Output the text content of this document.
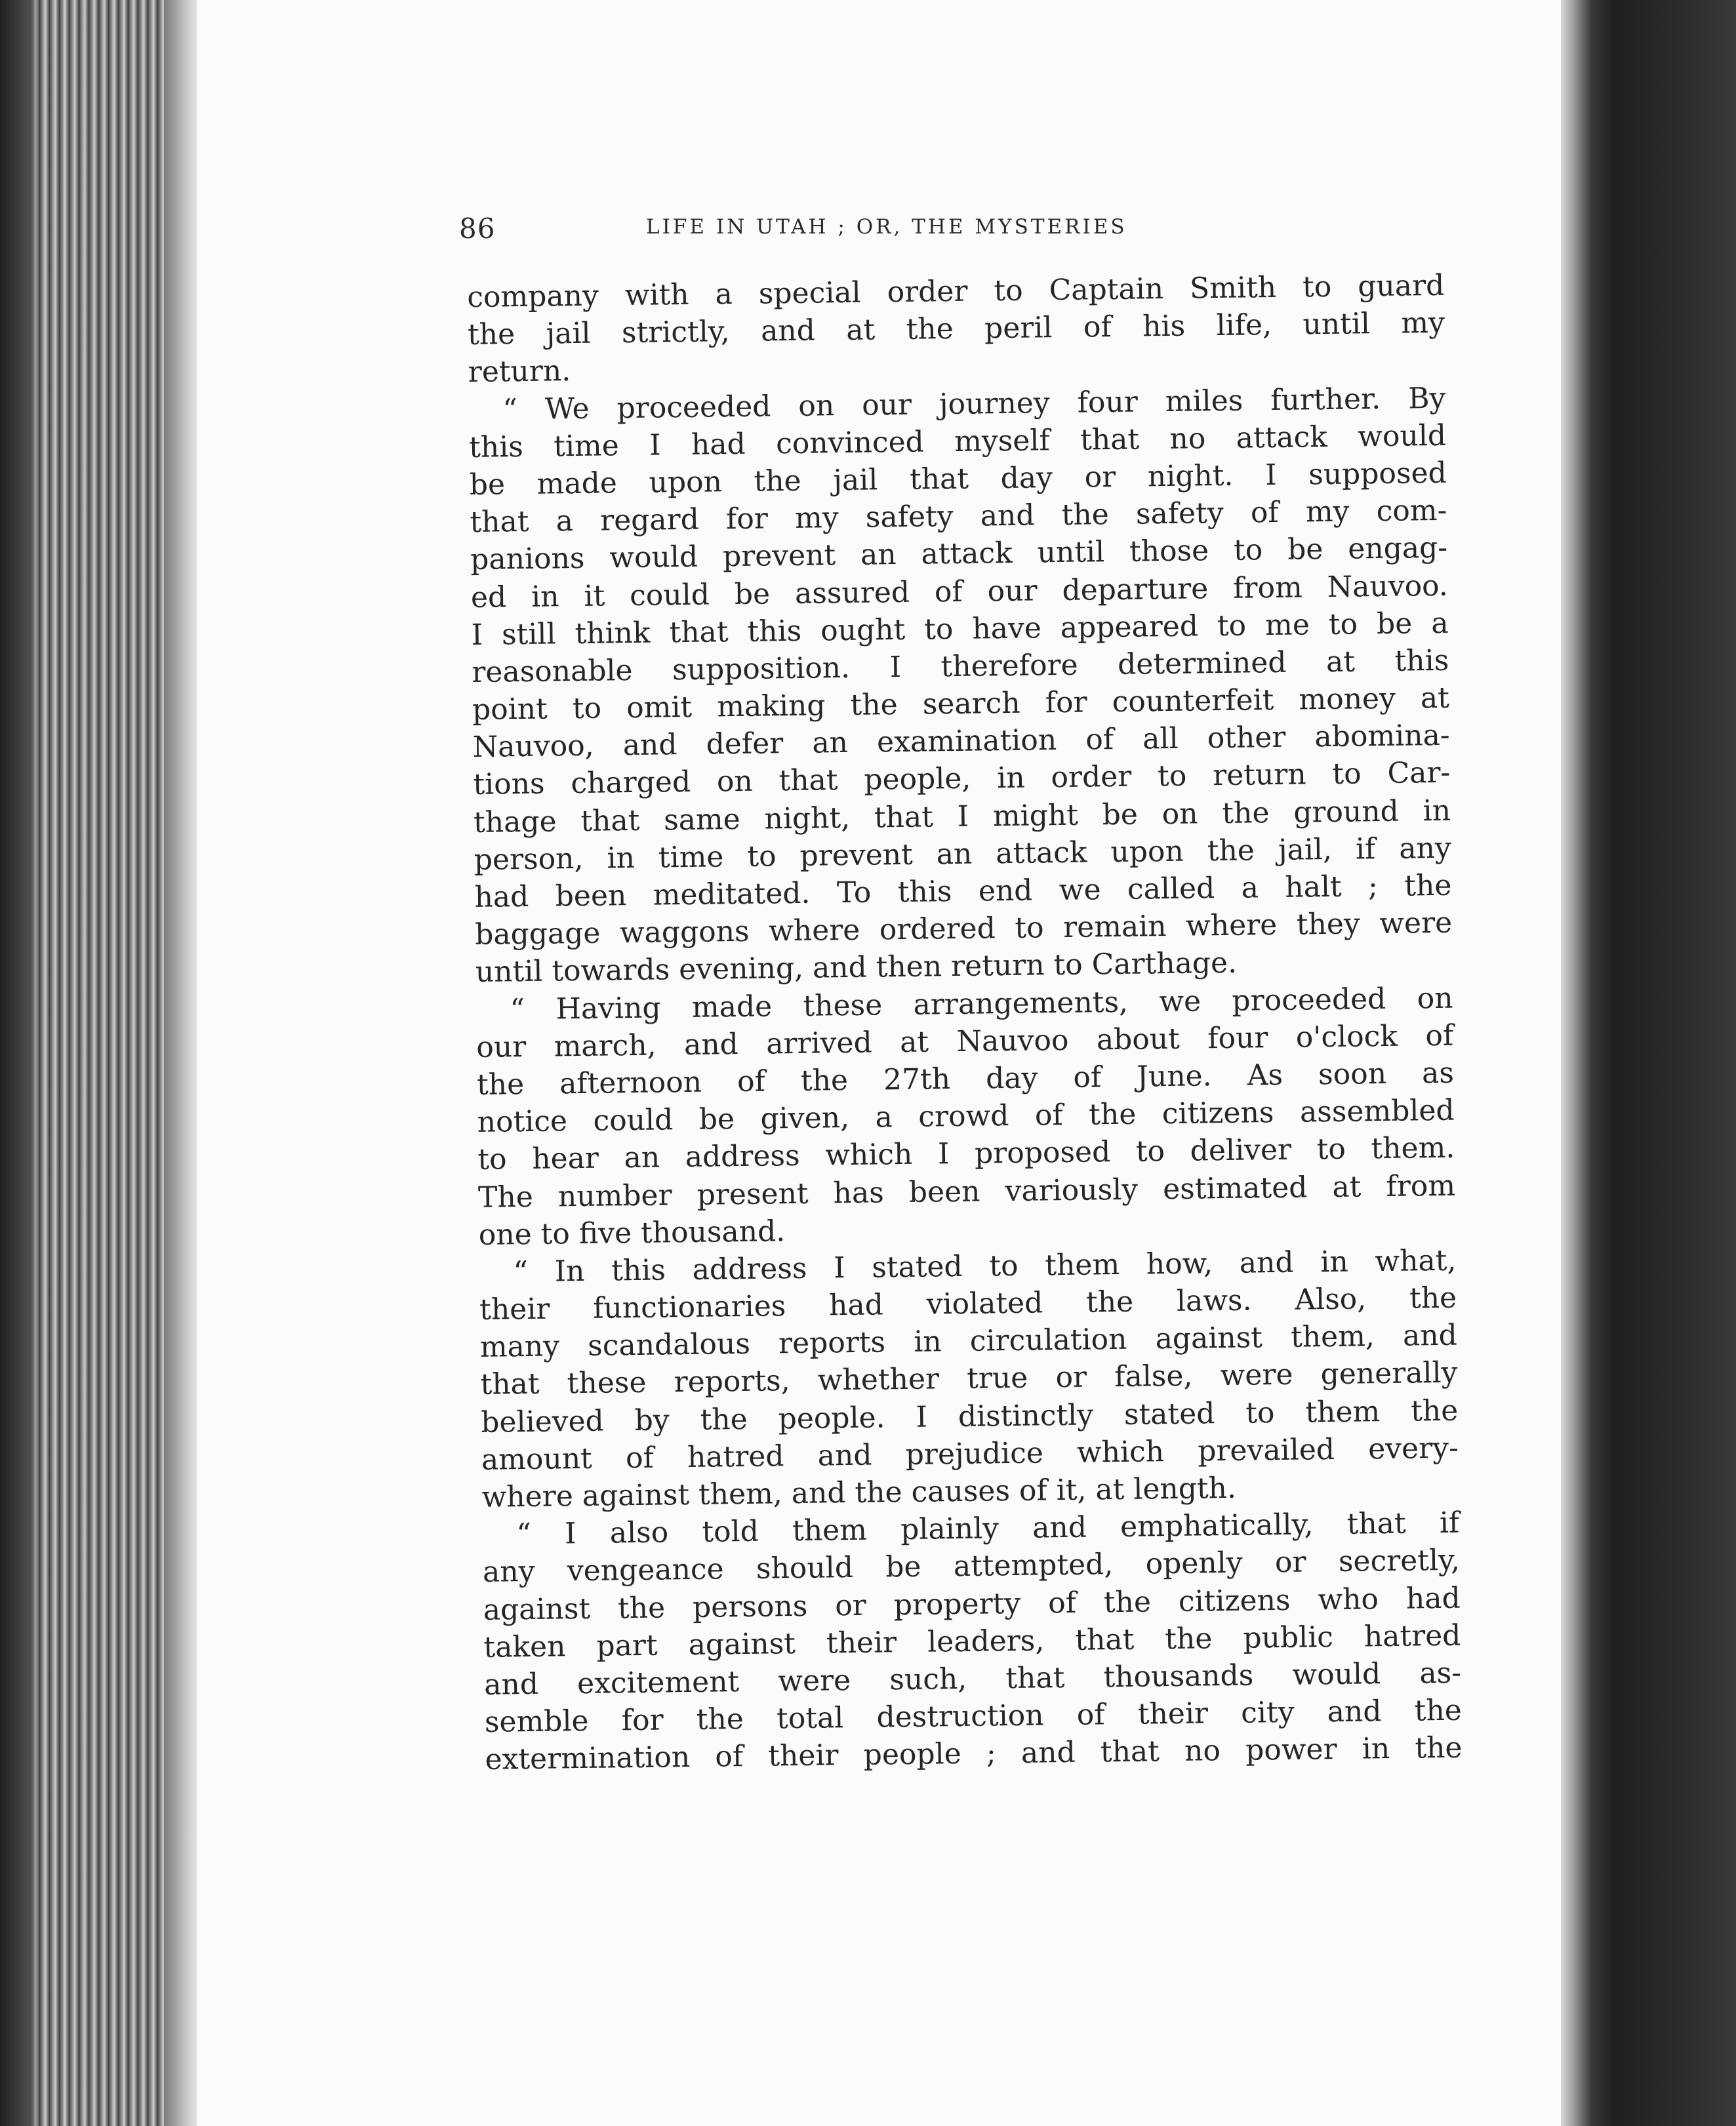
86	LIFE IN UTAH ; OR, THE MYSTERIES
company with a special order to Captain Smith to guard
the jail strictly, and at the peril of his life, until my
return.
“ We proceeded on our journey four miles further. By
this time I had convinced myself that no attack would
be made upon the jail that day or night. I supposed
that a regard for my safety and the safety of my com-
panions would prevent an attack until those to be engag-
ed in it could be assured of our departure from Nauvoo.
I still think that this ought to have appeared to me to be a
reasonable supposition. I therefore determined at this
point to omit making the search for counterfeit money at
Nauvoo, and defer an examination of all other abomina-
tions charged on that people, in order to return to Car-
thage that same night, that I might be on the ground in
person, in time to prevent an attack upon the jail, if any
had been meditated. To this end we called a halt ; the
baggage waggons where ordered to remain where they were
until towards evening, and then return to Carthage.
“ Having made these arrangements, we proceeded on
our march, and arrived at Nauvoo about four o'clock of
the afternoon of the 27th day of June. As soon as
notice could be given, a crowd of the citizens assembled
to hear an address which I proposed to deliver to them.
The number present has been variously estimated at from
one to five thousand.
“ In this address I stated to them how, and in what,
their functionaries had violated the laws. Also, the
many scandalous reports in circulation against them, and
that these reports, whether true or false, were generally
believed by the people. I distinctly stated to them the
amount of hatred and prejudice which prevailed every-
where against them, and the causes of it, at length.
“ I also told them plainly and emphatically, that if
any vengeance should be attempted, openly or secretly,
against the persons or property of the citizens who had
taken part against their leaders, that the public hatred
and excitement were such, that thousands would as-
semble for the total destruction of their city and the
extermination of their people ; and that no power in the
